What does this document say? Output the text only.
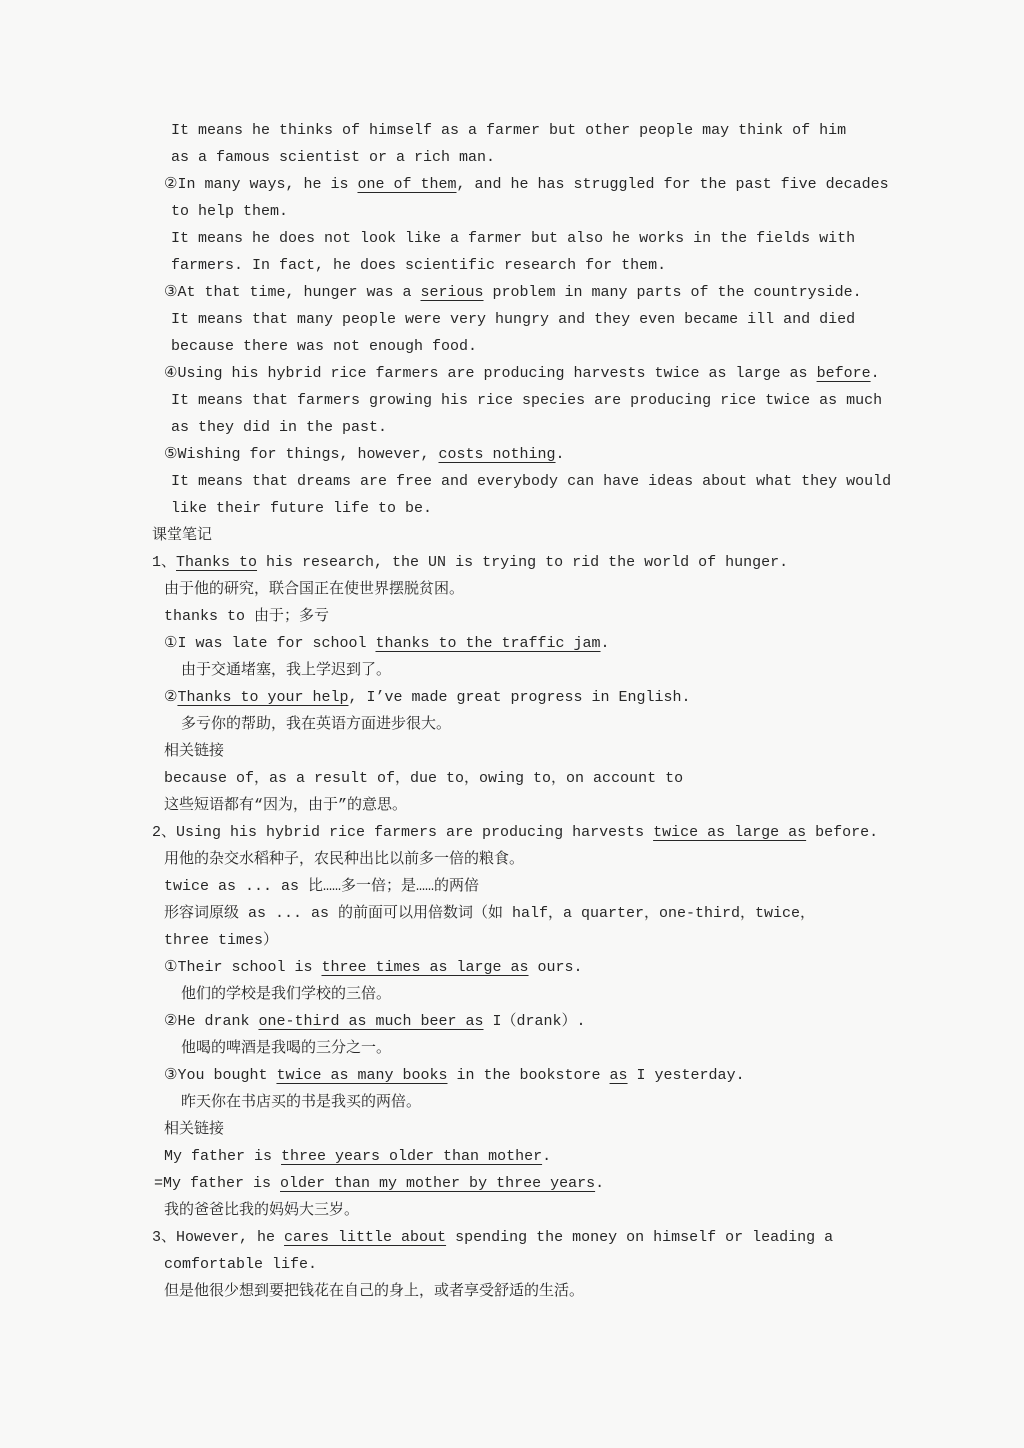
It means he thinks of himself as a farmer but other people may think of him
as a famous scientist or a rich man.
②In many ways, he is one of them, and he has struggled for the past five decades
to help them.
It means he does not look like a farmer but also he works in the fields with
farmers. In fact, he does scientific research for them.
③At that time, hunger was a serious problem in many parts of the countryside.
It means that many people were very hungry and they even became ill and died
because there was not enough food.
④Using his hybrid rice farmers are producing harvests twice as large as before.
It means that farmers growing his rice species are producing rice twice as much
as they did in the past.
⑤Wishing for things, however, costs nothing.
It means that dreams are free and everybody can have ideas about what they would
like their future life to be.
课堂笔记
1、Thanks to his research, the UN is trying to rid the world of hunger.
由于他的研究，联合国正在使世界摆脱贫困。
thanks to 由于；多亏
①I was late for school thanks to the traffic jam.
由于交通堵塞，我上学迟到了。
②Thanks to your help, I’ve made great progress in English.
多亏你的帮助，我在英语方面进步很大。
相关链接
because of，as a result of，due to，owing to，on account to
这些短语都有“因为，由于”的意思。
2、Using his hybrid rice farmers are producing harvests twice as large as before.
用他的杂交水稻种子，农民种出比以前多一倍的粮食。
twice as ... as 比……多一倍；是……的两倍
形容词原级 as ... as 的前面可以用倍数词（如 half，a quarter，one-third，twice，
three times）
①Their school is three times as large as ours.
他们的学校是我们学校的三倍。
②He drank one-third as much beer as I（drank）.
他喝的啤酒是我喝的三分之一。
③You bought twice as many books in the bookstore as I yesterday.
昨天你在书店买的书是我买的两倍。
相关链接
My father is three years older than mother.
=My father is older than my mother by three years.
我的爸爸比我的妈妈大三岁。
3、However, he cares little about spending the money on himself or leading a
comfortable life.
但是他很少想到要把钱花在自己的身上，或者享受舒适的生活。
